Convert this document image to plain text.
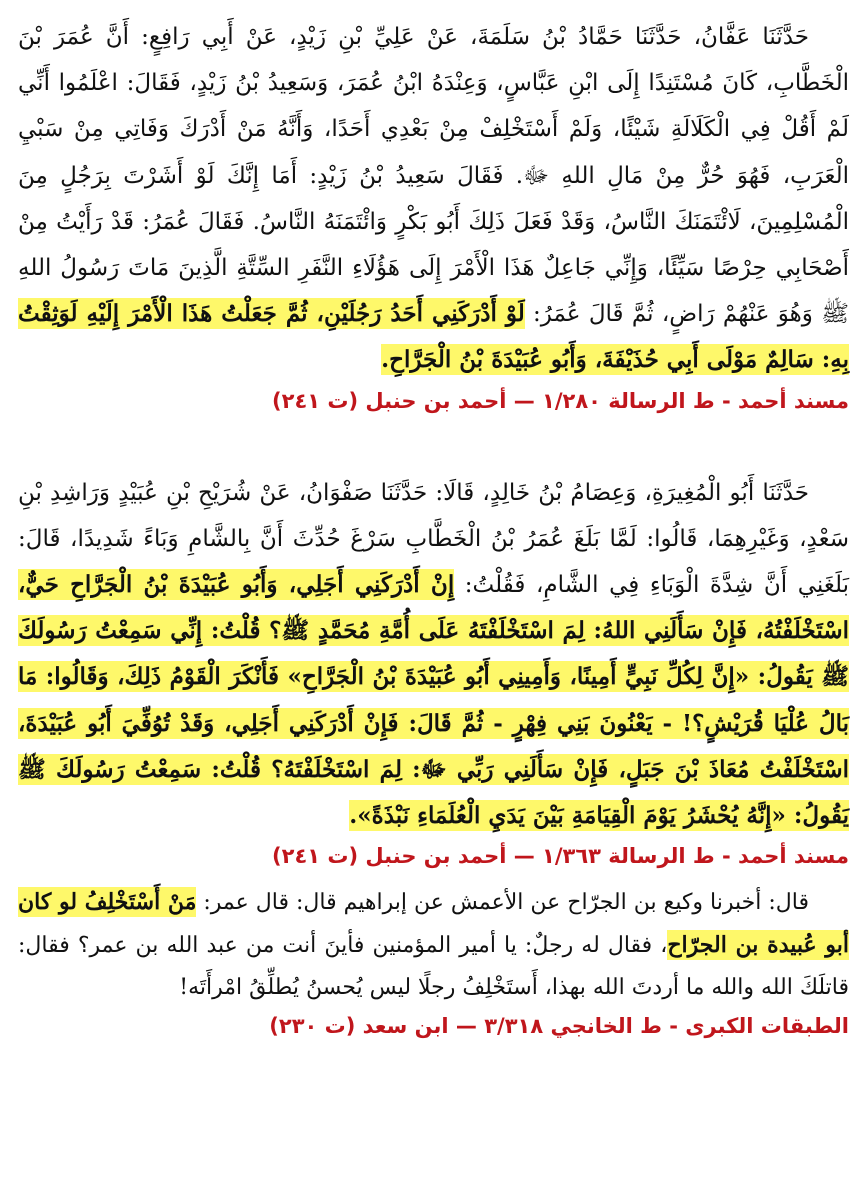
حَدَّثَنَا عَفَّانُ، حَدَّثَنَا حَمَّادُ بْنُ سَلَمَةَ، عَنْ عَلِيِّ بْنِ زَيْدٍ، عَنْ أَبِي رَافِعٍ: أَنَّ عُمَرَ بْنَ الْخَطَّابِ، كَانَ مُسْتَنِدًا إِلَى ابْنِ عَبَّاسٍ، وَعِنْدَهُ ابْنُ عُمَرَ، وَسَعِيدُ بْنُ زَيْدٍ، فَقَالَ: اعْلَمُوا أَنِّي لَمْ أَقُلْ فِي الْكَلَالَةِ شَيْئًا، وَلَمْ أَسْتَخْلِفْ مِنْ بَعْدِي أَحَدًا، وَأَنَّهُ مَنْ أَدْرَكَ وَفَاتِي مِنْ سَبْيِ الْعَرَبِ، فَهُوَ حُرٌّ مِنْ مَالِ اللهِ ﷻ. فَقَالَ سَعِيدُ بْنُ زَيْدٍ: أَمَا إِنَّكَ لَوْ أَشَرْتَ بِرَجُلٍ مِنَ الْمُسْلِمِينَ، لَائْتَمَنَكَ النَّاسُ، وَقَدْ فَعَلَ ذَلِكَ أَبُو بَكْرٍ وَائْتَمَنَهُ النَّاسُ. فَقَالَ عُمَرُ: قَدْ رَأَيْتُ مِنْ أَصْحَابِي حِرْصًا سَيِّئًا، وَإِنِّي جَاعِلٌ هَذَا الْأَمْرَ إِلَى هَؤُلَاءِ النَّفَرِ السِّتَّةِ الَّذِينَ مَاتَ رَسُولُ اللهِ ﷺ وَهُوَ عَنْهُمْ رَاضٍ، ثُمَّ قَالَ عُمَرُ: لَوْ أَدْرَكَنِي أَحَدُ رَجُلَيْنِ، ثُمَّ جَعَلْتُ هَذَا الْأَمْرَ إِلَيْهِ لَوَثِقْتُ بِهِ: سَالِمٌ مَوْلَى أَبِي حُذَيْفَةَ، وَأَبُو عُبَيْدَةَ بْنُ الْجَرَّاحِ.

مسند أحمد - ط الرسالة ١/٢٨٠ — أحمد بن حنبل (ت ٢٤١)

حَدَّثَنَا أَبُو الْمُغِيرَةِ، وَعِصَامُ بْنُ خَالِدٍ، قَالَا: حَدَّثَنَا صَفْوَانُ، عَنْ شُرَيْحِ بْنِ عُبَيْدٍ وَرَاشِدِ بْنِ سَعْدٍ، وَغَيْرِهِمَا، قَالُوا: لَمَّا بَلَغَ عُمَرُ بْنُ الْخَطَّابِ سَرْغَ حُدِّثَ أَنَّ بِالشَّامِ وَبَاءً شَدِيدًا، قَالَ: بَلَغَنِي أَنَّ شِدَّةَ الْوَبَاءِ فِي الشَّامِ، فَقُلْتُ: إِنْ أَدْرَكَنِي أَجَلِي، وَأَبُو عُبَيْدَةَ بْنُ الْجَرَّاحِ حَيٌّ، اسْتَخْلَفْتُهُ، فَإِنْ سَأَلَنِي اللهُ: لِمَ اسْتَخْلَفْتَهُ عَلَى أُمَّةِ مُحَمَّدٍ ﷺ؟ قُلْتُ: إِنِّي سَمِعْتُ رَسُولَكَ ﷺ يَقُولُ: «إِنَّ لِكُلِّ نَبِيٍّ أَمِينًا، وَأَمِينِي أَبُو عُبَيْدَةَ بْنُ الْجَرَّاحِ» فَأَنْكَرَ الْقَوْمُ ذَلِكَ، وَقَالُوا: مَا بَالُ عُلْيَا قُرَيْشٍ؟! - يَعْنُونَ بَنِي فِهْرٍ - ثُمَّ قَالَ: فَإِنْ أَدْرَكَنِي أَجَلِي، وَقَدْ تُوُفِّيَ أَبُو عُبَيْدَةَ، اسْتَخْلَفْتُ مُعَاذَ بْنَ جَبَلٍ، فَإِنْ سَأَلَنِي رَبِّي ﷻ: لِمَ اسْتَخْلَفْتَهُ؟ قُلْتُ: سَمِعْتُ رَسُولَكَ ﷺ يَقُولُ: «إِنَّهُ يُحْشَرُ يَوْمَ الْقِيَامَةِ بَيْنَ يَدَيِ الْعُلَمَاءِ نَبْذَةً».

مسند أحمد - ط الرسالة ١/٣٦٣ — أحمد بن حنبل (ت ٢٤١)

قال: أخبرنا وكيع بن الجرّاح عن الأعمش عن إبراهيم قال: قال عمر: مَنْ أَسْتَخْلِفُ لو كان أبو عُبيدة بن الجرّاح، فقال له رجلٌ: يا أمير المؤمنين فأينَ أنت من عبد الله بن عمر؟ فقال: قاتلَكَ الله والله ما أردتَ الله بهذا، أَستَخْلِفُ رجلًا ليس يُحسنُ يُطلِّقُ امْرأَتَه!

الطبقات الكبرى - ط الخانجي ٣/٣١٨ — ابن سعد (ت ٢٣٠)
